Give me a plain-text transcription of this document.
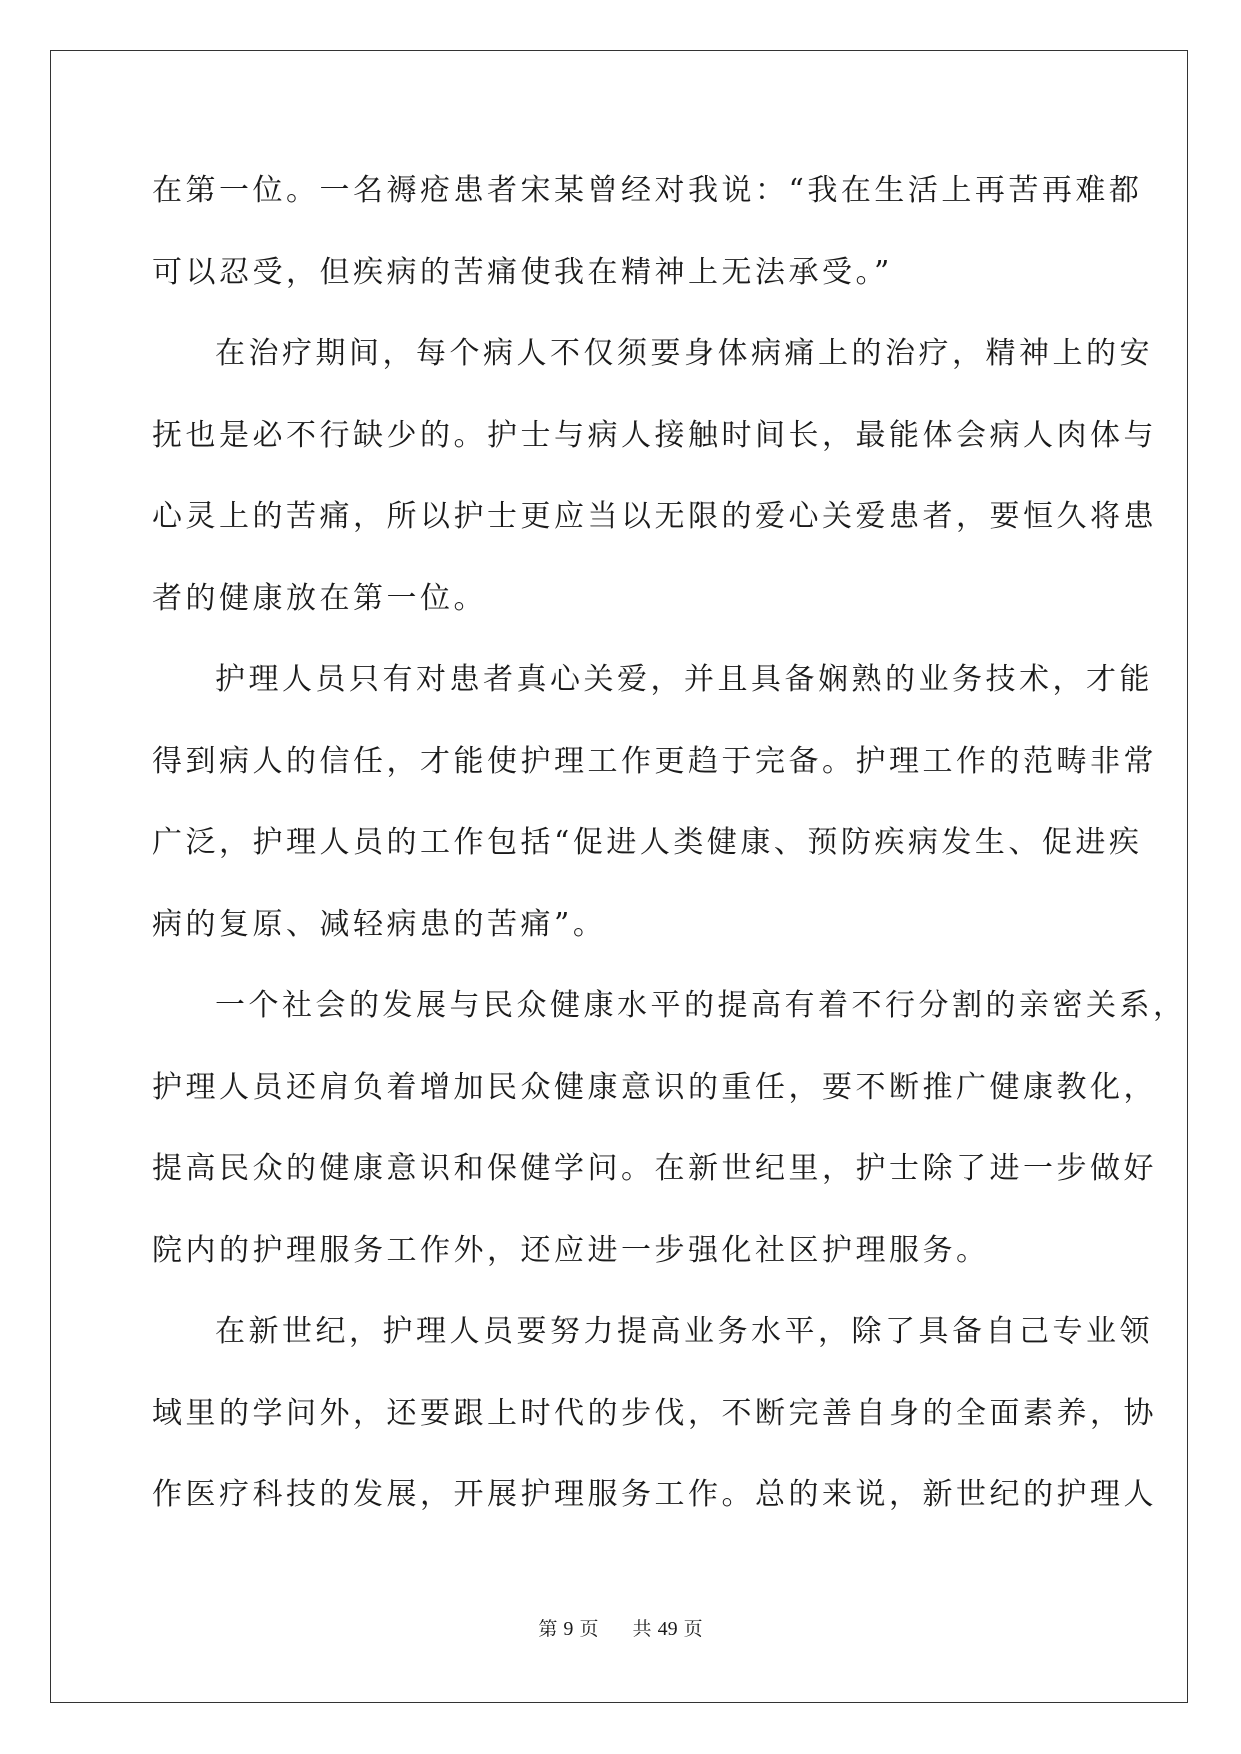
在第一位。一名褥疮患者宋某曾经对我说：“我在生活上再苦再难都
可以忍受，但疾病的苦痛使我在精神上无法承受。”
在治疗期间，每个病人不仅须要身体病痛上的治疗，精神上的安
抚也是必不行缺少的。护士与病人接触时间长，最能体会病人肉体与
心灵上的苦痛，所以护士更应当以无限的爱心关爱患者，要恒久将患
者的健康放在第一位。
护理人员只有对患者真心关爱，并且具备娴熟的业务技术，才能
得到病人的信任，才能使护理工作更趋于完备。护理工作的范畴非常
广泛，护理人员的工作包括“促进人类健康、预防疾病发生、促进疾
病的复原、减轻病患的苦痛”。
一个社会的发展与民众健康水平的提高有着不行分割的亲密关系，
护理人员还肩负着增加民众健康意识的重任，要不断推广健康教化，
提高民众的健康意识和保健学问。在新世纪里，护士除了进一步做好
院内的护理服务工作外，还应进一步强化社区护理服务。
在新世纪，护理人员要努力提高业务水平，除了具备自己专业领
域里的学问外，还要跟上时代的步伐，不断完善自身的全面素养，协
作医疗科技的发展，开展护理服务工作。总的来说，新世纪的护理人
第 9 页 共 49 页
